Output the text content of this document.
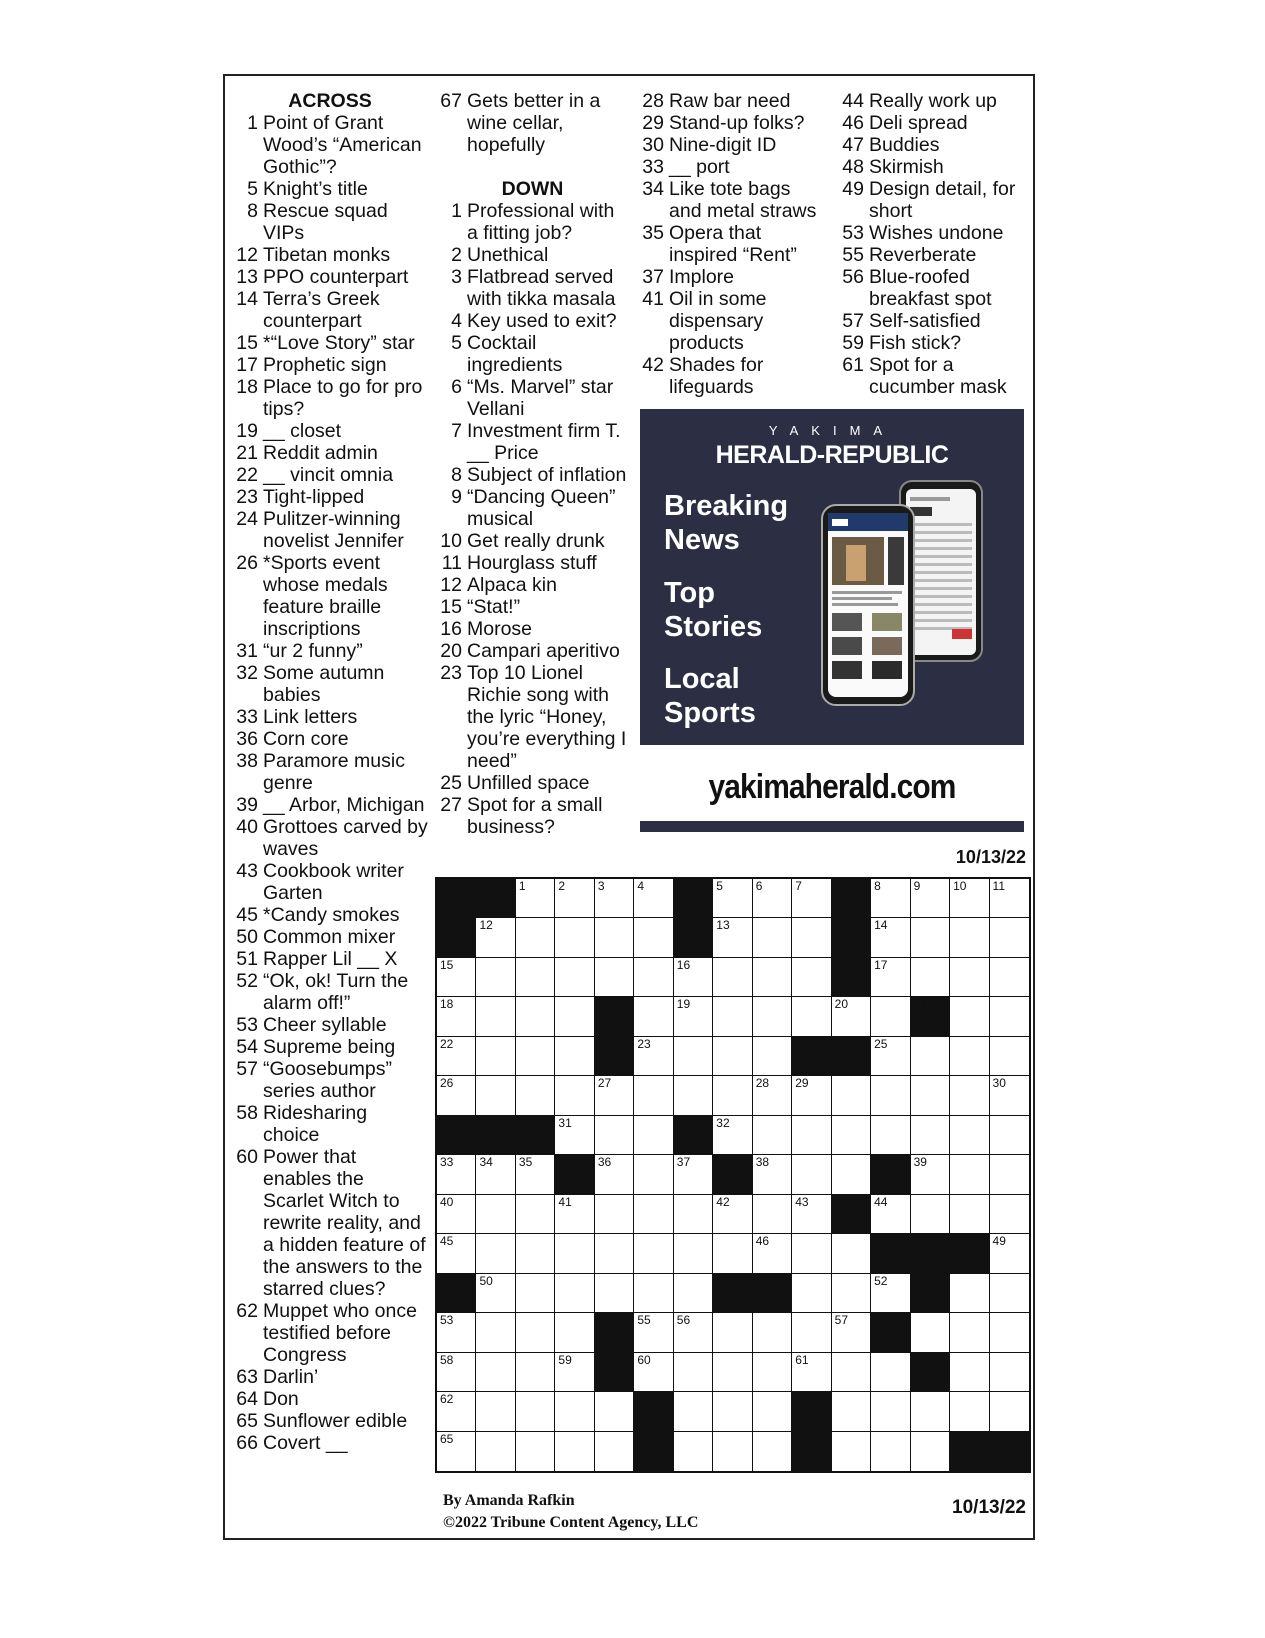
ACROSS
1 Point of Grant Wood’s “American Gothic”?
5 Knight’s title
8 Rescue squad VIPs
12 Tibetan monks
13 PPO counterpart
14 Terra’s Greek counterpart
15 *“Love Story” star
17 Prophetic sign
18 Place to go for pro tips?
19 __ closet
21 Reddit admin
22 __ vincit omnia
23 Tight-lipped
24 Pulitzer-winning novelist Jennifer
26 *Sports event whose medals feature braille inscriptions
31 “ur 2 funny”
32 Some autumn babies
33 Link letters
36 Corn core
38 Paramore music genre
39 __ Arbor, Michigan
40 Grottoes carved by waves
43 Cookbook writer Garten
45 *Candy smokes
50 Common mixer
51 Rapper Lil __ X
52 “Ok, ok! Turn the alarm off!”
53 Cheer syllable
54 Supreme being
57 “Goosebumps” series author
58 Ridesharing choice
60 Power that enables the Scarlet Witch to rewrite reality, and a hidden feature of the answers to the starred clues?
62 Muppet who once testified before Congress
63 Darlin’
64 Don
65 Sunflower edible
66 Covert __
67 Gets better in a wine cellar, hopefully
DOWN
1 Professional with a fitting job?
2 Unethical
3 Flatbread served with tikka masala
4 Key used to exit?
5 Cocktail ingredients
6 “Ms. Marvel” star Vellani
7 Investment firm T. __ Price
8 Subject of inflation
9 “Dancing Queen” musical
10 Get really drunk
11 Hourglass stuff
12 Alpaca kin
15 “Stat!”
16 Morose
20 Campari aperitivo
23 Top 10 Lionel Richie song with the lyric “Honey, you’re everything I need”
25 Unfilled space
27 Spot for a small business?
28 Raw bar need
29 Stand-up folks?
30 Nine-digit ID
33 __ port
34 Like tote bags and metal straws
35 Opera that inspired “Rent”
37 Implore
41 Oil in some dispensary products
42 Shades for lifeguards
44 Really work up
46 Deli spread
47 Buddies
48 Skirmish
49 Design detail, for short
53 Wishes undone
55 Reverberate
56 Blue-roofed breakfast spot
57 Self-satisfied
59 Fish stick?
61 Spot for a cucumber mask
YAKIMA
HERALD-REPUBLIC
Breaking News
Top Stories
Local Sports
yakimaherald.com
10/13/22
1	2	3	4	5	6	7	8	9	10 11
12	13	14
15	16	17
18	19	20	21
22	23	24 25
26	27	28 29	30
31	32
33 34 35	36	37	38	39
40	41	42	43	44
45	46	47 48 49
50	51	52
53	54 55 56	57
58	59	60	61
62	63	64
65	66	67
By Amanda Rafkin
©2022 Tribune Content Agency, LLC
10/13/22
